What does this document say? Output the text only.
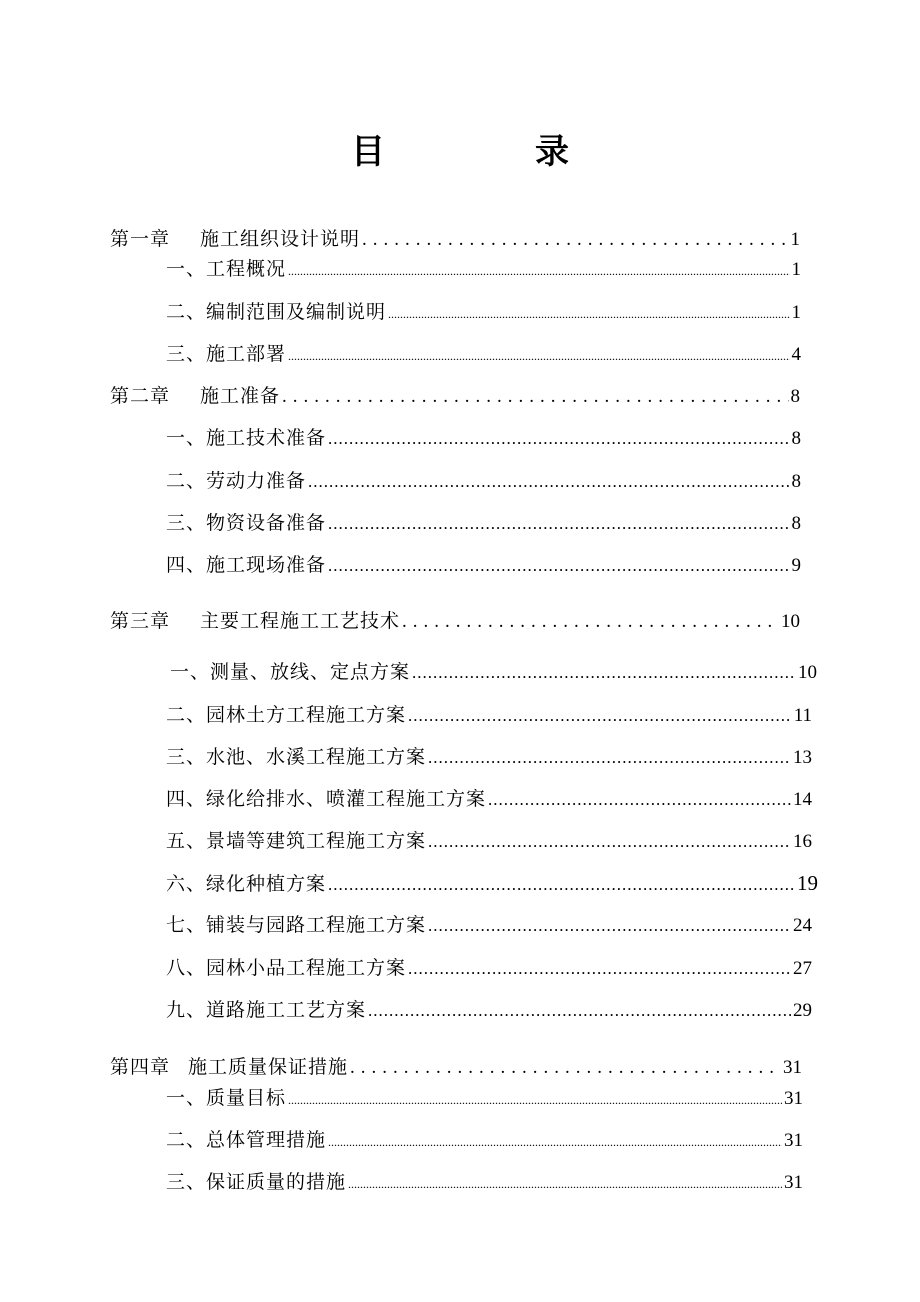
目　录
第一章 施工组织设计说明 .....	1
一、工程概况 .....	1
二、编制范围及编制说明 .....	1
三、施工部署 .....	4
第二章 施工准备 .....	8
一、施工技术准备 .....	8
二、劳动力准备 .....	8
三、物资设备准备 .....	8
四、施工现场准备 .....	9
第三章 主要工程施工工艺技术 .....	10
一、测量、放线、定点方案 .....	10
二、园林土方工程施工方案 .....	11
三、水池、水溪工程施工方案 .....	13
四、绿化给排水、喷灌工程施工方案 .....	14
五、景墙等建筑工程施工方案 .....	16
六、绿化种植方案 .....	19
七、铺装与园路工程施工方案 .....	24
八、园林小品工程施工方案 .....	27
九、道路施工工艺方案 .....	29
第四章 施工质量保证措施 .....	31
一、质量目标 .....	31
二、总体管理措施 .....	31
三、保证质量的措施 .....	31
